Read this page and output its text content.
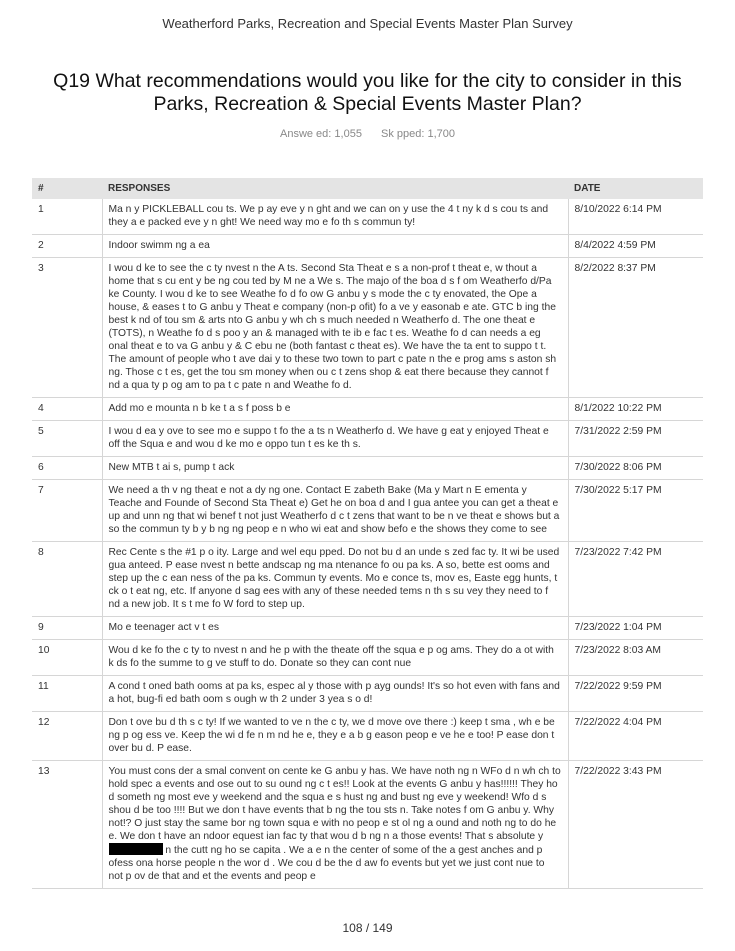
Weatherford Parks, Recreation and Special Events Master Plan Survey
Q19 What recommendations would you like for the city to consider in this
Parks, Recreation & Special Events Master Plan?
Answe ed: 1,055 Sk pped: 1,700
#	RESPONSES	DATE
1	Ma n y PICKLEBALL cou ts. We p ay eve y n ght and we can on y use the 4 t ny k d s cou ts and they a e packed eve y n ght! We need way mo e fo th s commun ty!	8/10/2022 6:14 PM
2	Indoor swimm ng a ea	8/4/2022 4:59 PM
3	I wou d ke to see the c ty nvest n the A ts. Second Sta Theat e s a non-prof t theat e, w thout a home that s cu ent y be ng cou ted by M ne a We s. The majo of the boa d s f om Weatherfo d/Pa ke County. I wou d ke to see Weathe fo d fo ow G anbu y s mode the c ty enovated, the Ope a house, & eases t to G anbu y Theat e company (non-p ofit) fo a ve y easonab e ate. GTC b ing the best k nd of tou sm & arts nto G anbu y wh ch s much needed n Weatherfo d. The one theat e (TOTS), n Weathe fo d s poo y an & managed with te ib e fac t es. Weathe fo d can needs a eg onal theat e to va G anbu y & C ebu ne (both fantast c theat es). We have the ta ent to suppo t t. The amount of people who t ave dai y to these two town to part c pate n the e prog ams s aston sh ng. Those c t es, get the tou sm money when ou c t zens shop & eat there because they cannot f nd a qua ty p og am to pa t c pate n and Weathe fo d.	8/2/2022 8:37 PM
4	Add mo e mounta n b ke t a s f poss b e	8/1/2022 10:22 PM
5	I wou d ea y ove to see mo e suppo t fo the a ts n Weatherfo d. We have g eat y enjoyed Theat e off the Squa e and wou d ke mo e oppo tun t es ke th s.	7/31/2022 2:59 PM
6	New MTB t ai s, pump t ack	7/30/2022 8:06 PM
7	We need a th v ng theat e not a dy ng one. Contact E zabeth Bake (Ma y Mart n E ementa y Teache and Founde of Second Sta Theat e) Get he on boa d and I gua antee you can get a theat e up and unn ng that wi benef t not just Weatherfo d c t zens that want to be n ve theat e shows but a so the commun ty b y b ng ng peop e n who wi eat and show befo e the shows they come to see	7/30/2022 5:17 PM
8	Rec Cente s the #1 p o ity. Large and wel equ pped. Do not bu d an unde s zed fac ty. It wi be used gua anteed. P ease nvest n bette andscap ng ma ntenance fo ou pa ks. A so, bette est ooms and step up the c ean ness of the pa ks. Commun ty events. Mo e conce ts, mov es, Easte egg hunts, t ck o t eat ng, etc. If anyone d sag ees with any of these needed tems n th s su vey they need to f nd a new job. It s t me fo W ford to step up.	7/23/2022 7:42 PM
9	Mo e teenager act v t es	7/23/2022 1:04 PM
10	Wou d ke fo the c ty to nvest n and he p with the theate off the squa e p og ams. They do a ot with k ds fo the summe to g ve stuff to do. Donate so they can cont nue	7/23/2022 8:03 AM
11	A cond t oned bath ooms at pa ks, espec al y those with p ayg ounds! It's so hot even with fans and a hot, bug-fi ed bath oom s ough w th 2 under 3 yea s o d!	7/22/2022 9:59 PM
12	Don t ove bu d th s c ty! If we wanted to ve n the c ty, we d move ove there :) keep t sma , wh e be ng p og ess ve. Keep the wi d fe n m nd he e, they e a b g eason peop e ve he e too! P ease don t over bu d. P ease.	7/22/2022 4:04 PM
13	You must cons der a smal convent on cente ke G anbu y has. We have noth ng n WFo d n wh ch to hold spec a events and ose out to su ound ng c t es!! Look at the events G anbu y has!!!!!! They ho d someth ng most eve y weekend and the squa e s hust ng and bust ng eve y weekend! Wfo d s shou d be too !!!! But we don t have events that b ng the tou sts n. Take notes f om G anbu y. Why not!? O just stay the same bor ng town squa e with no peop e st ol ng a ound and noth ng to do he e. We don t have an ndoor equest ian fac ty that wou d b ng n a those events! That s absolute y  n the cutt ng ho se capita . We a e n the center of some of the a gest anches and p ofess ona horse people n the wor d . We cou d be the d aw fo events but yet we just cont nue to not p ov de that and et the events and peop e	7/22/2022 3:43 PM
108 / 149
